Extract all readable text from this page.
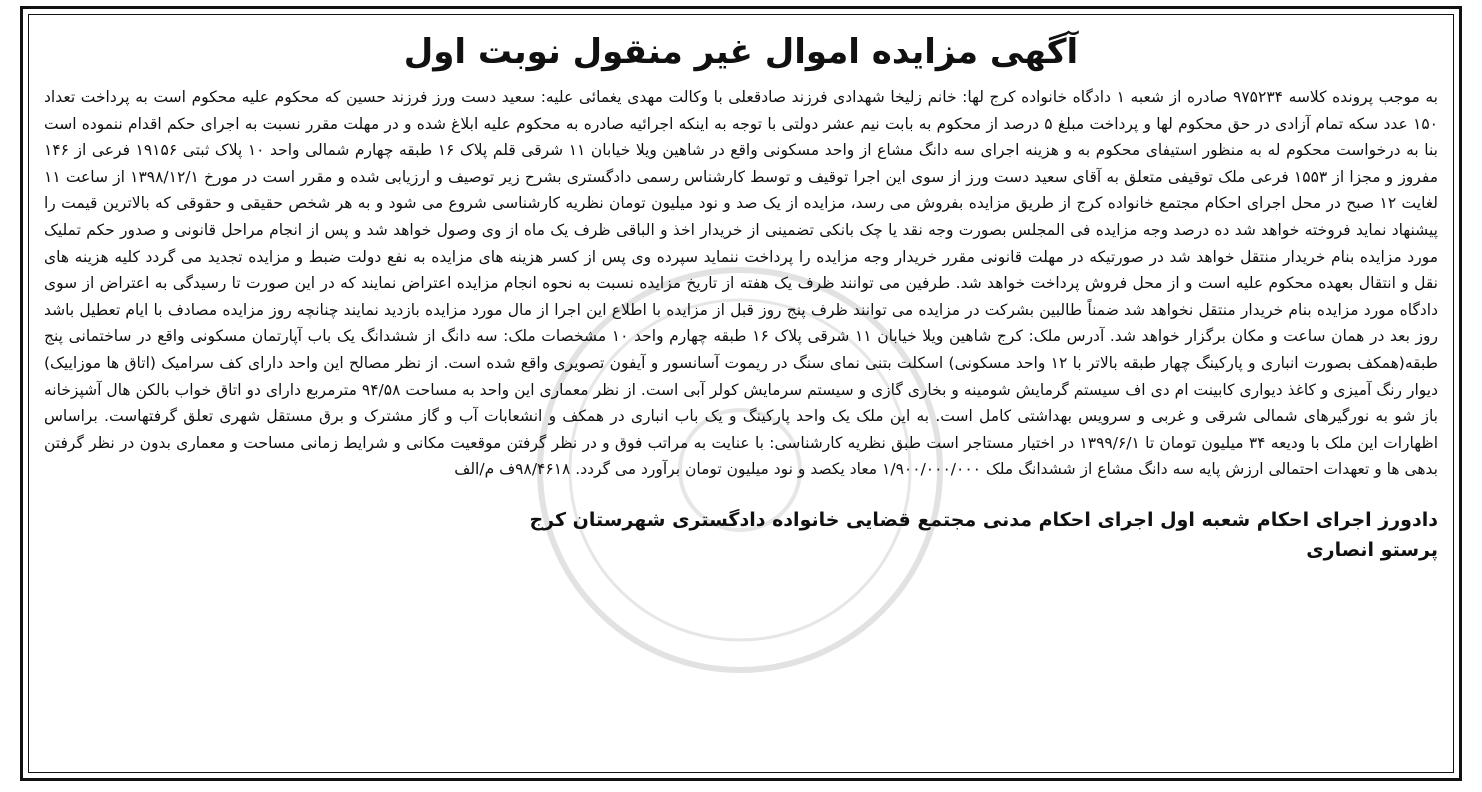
آگهی مزایده اموال غیر منقول نوبت اول

به موجب پرونده کلاسه ۹۷۵۲۳۴ صادره از شعبه ۱ دادگاه خانواده کرج لها: خانم زلیخا شهدادی فرزند صادقعلی با وکالت مهدی یغمائی علیه: سعید دست ورز فرزند حسین که محکوم علیه محکوم است به پرداخت تعداد ۱۵۰ عدد سکه تمام آزادی در حق محکوم لها و پرداخت مبلغ ۵ درصد از محکوم به بابت نیم عشر دولتی با توجه به اینکه اجرائیه صادره به محکوم علیه ابلاغ شده و در مهلت مقرر نسبت به اجرای حکم اقدام ننموده است بنا به درخواست محکوم له به منظور استیفای محکوم به و هزینه اجرای سه دانگ مشاع از واحد مسکونی واقع در شاهین ویلا خیابان ۱۱ شرقی قلم پلاک ۱۶ طبقه چهارم شمالی واحد ۱۰ پلاک ثبتی ۱۹۱۵۶ فرعی از ۱۴۶ مفروز و مجزا از ۱۵۵۳ فرعی ملک توقیفی متعلق به آقای سعید دست ورز از سوی این اجرا توقیف و توسط کارشناس رسمی دادگستری بشرح زیر توصیف و ارزیابی شده و مقرر است در مورخ ۱۳۹۸/۱۲/۱ از ساعت ۱۱ لغایت ۱۲ صبح در محل اجرای احکام مجتمع خانواده کرج از طریق مزایده بفروش می رسد، مزایده از یک صد و نود میلیون تومان نظریه کارشناسی شروع می شود و به هر شخص حقیقی و حقوقی که بالاترین قیمت را پیشنهاد نماید فروخته خواهد شد ده درصد وجه مزایده فی المجلس بصورت وجه نقد یا چک بانکی تضمینی از خریدار اخذ و الباقی ظرف یک ماه از وی وصول خواهد شد و پس از انجام مراحل قانونی و صدور حکم تملیک مورد مزایده بنام خریدار منتقل خواهد شد در صورتیکه در مهلت قانونی مقرر خریدار وجه مزایده را پرداخت ننماید سپرده وی پس از کسر هزینه های مزایده به نفع دولت ضبط و مزایده تجدید می گردد کلیه هزینه های نقل و انتقال بعهده محکوم علیه است و از محل فروش پرداخت خواهد شد. طرفین می توانند ظرف یک هفته از تاریخ مزایده نسبت به نحوه انجام مزایده اعتراض نمایند که در این صورت تا رسیدگی به اعتراض از سوی دادگاه مورد مزایده بنام خریدار منتقل نخواهد شد ضمناً طالبین بشرکت در مزایده می توانند ظرف پنج روز قبل از مزایده با اطلاع این اجرا از مال مورد مزایده بازدید نمایند چنانچه روز مزایده مصادف با ایام تعطیل باشد روز بعد در همان ساعت و مکان برگزار خواهد شد. آدرس ملک: کرج شاهین ویلا خیابان ۱۱ شرقی پلاک ۱۶ طبقه چهارم واحد ۱۰ مشخصات ملک: سه دانگ از ششدانگ یک باب آپارتمان مسکونی واقع در ساختمانی پنج طبقه(همکف بصورت انباری و پارکینگ چهار طبقه بالاتر با ۱۲ واحد مسکونی) اسکلت بتنی نمای سنگ در ریموت آسانسور و آیفون تصویری واقع شده است. از نظر مصالح این واحد دارای کف سرامیک (اتاق ها موزاییک) دیوار رنگ آمیزی و کاغذ دیواری کابینت ام دی اف سیستم گرمایش شومینه و بخاری گازی و سیستم سرمایش کولر آبی است. از نظر معماری این واحد به مساحت ۹۴/۵۸ مترمربع دارای دو اتاق خواب بالکن هال آشپزخانه باز شو به نورگیرهای شمالی شرقی و غربی و سرویس بهداشتی کامل است. به این ملک یک واحد پارکینگ و یک باب انباری در همکف و انشعابات آب و گاز مشترک و برق مستقل شهری تعلق گرفتهاست. براساس اظهارات این ملک با ودیعه ۳۴ میلیون تومان تا ۱۳۹۹/۶/۱ در اختیار مستاجر است طبق نظریه کارشناسی: با عنایت به مراتب فوق و در نظر گرفتن موقعیت مکانی و شرایط زمانی مساحت و معماری بدون در نظر گرفتن بدهی ها و تعهدات احتمالی ارزش پایه سه دانگ مشاع از ششدانگ ملک ۱/۹۰۰/۰۰۰/۰۰۰ معاد یکصد و نود میلیون تومان برآورد می گردد. ۹۸/۴۶۱۸ف م/الف

دادورز اجرای احکام شعبه اول اجرای احکام مدنی مجتمع قضایی خانواده دادگستری شهرستان کرج
پرستو انصاری
